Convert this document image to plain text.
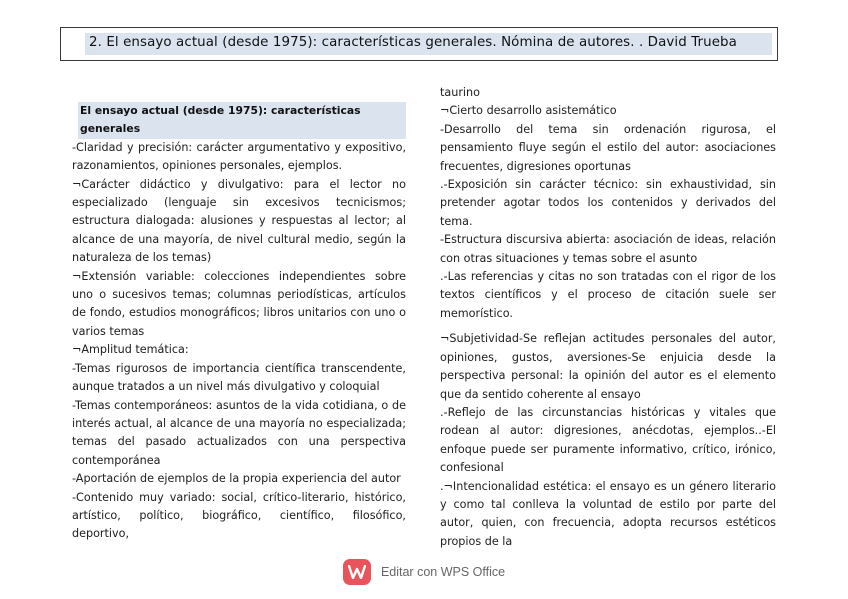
2. El ensayo actual (desde 1975): características generales. Nómina de autores. . David Trueba
El ensayo actual (desde 1975): características generales

-Claridad y precisión: carácter argumentativo y expositivo, razonamientos, opiniones personales, ejemplos.

¬Carácter didáctico y divulgativo: para el lector no especializado (lenguaje sin excesivos tecnicismos; estructura dialogada: alusiones y respuestas al lector; al alcance de una mayoría, de nivel cultural medio, según la naturaleza de los temas)

¬Extensión variable: colecciones independientes sobre uno o sucesivos temas; columnas periodísticas, artículos de fondo, estudios monográficos; libros unitarios con uno o varios temas

¬Amplitud temática:

-Temas rigurosos de importancia científica transcendente, aunque tratados a un nivel más divulgativo y coloquial

-Temas contemporáneos: asuntos de la vida cotidiana, o de interés actual, al alcance de una mayoría no especializada; temas del pasado actualizados con una perspectiva contemporánea

-Aportación de ejemplos de la propia experiencia del autor

-Contenido muy variado: social, crítico-literario, histórico, artístico, político, biográfico, científico, filosófico, deportivo,

taurino

¬Cierto desarrollo asistemático

-Desarrollo del tema sin ordenación rigurosa, el pensamiento fluye según el estilo del autor: asociaciones frecuentes, digresiones oportunas

.-Exposición sin carácter técnico: sin exhaustividad, sin pretender agotar todos los contenidos y derivados del tema.

-Estructura discursiva abierta: asociación de ideas, relación con otras situaciones y temas sobre el asunto

.-Las referencias y citas no son tratadas con el rigor de los textos científicos y el proceso de citación suele ser memorístico.

¬Subjetividad-Se reflejan actitudes personales del autor, opiniones, gustos, aversiones-Se enjuicia desde la perspectiva personal: la opinión del autor es el elemento que da sentido coherente al ensayo

.-Reflejo de las circunstancias históricas y vitales que rodean al autor: digresiones, anécdotas, ejemplos..-El enfoque puede ser puramente informativo, crítico, irónico, confesional

.¬Intencionalidad estética: el ensayo es un género literario y como tal conlleva la voluntad de estilo por parte del autor, quien, con frecuencia, adopta recursos estéticos propios de la

Editar con WPS Office
